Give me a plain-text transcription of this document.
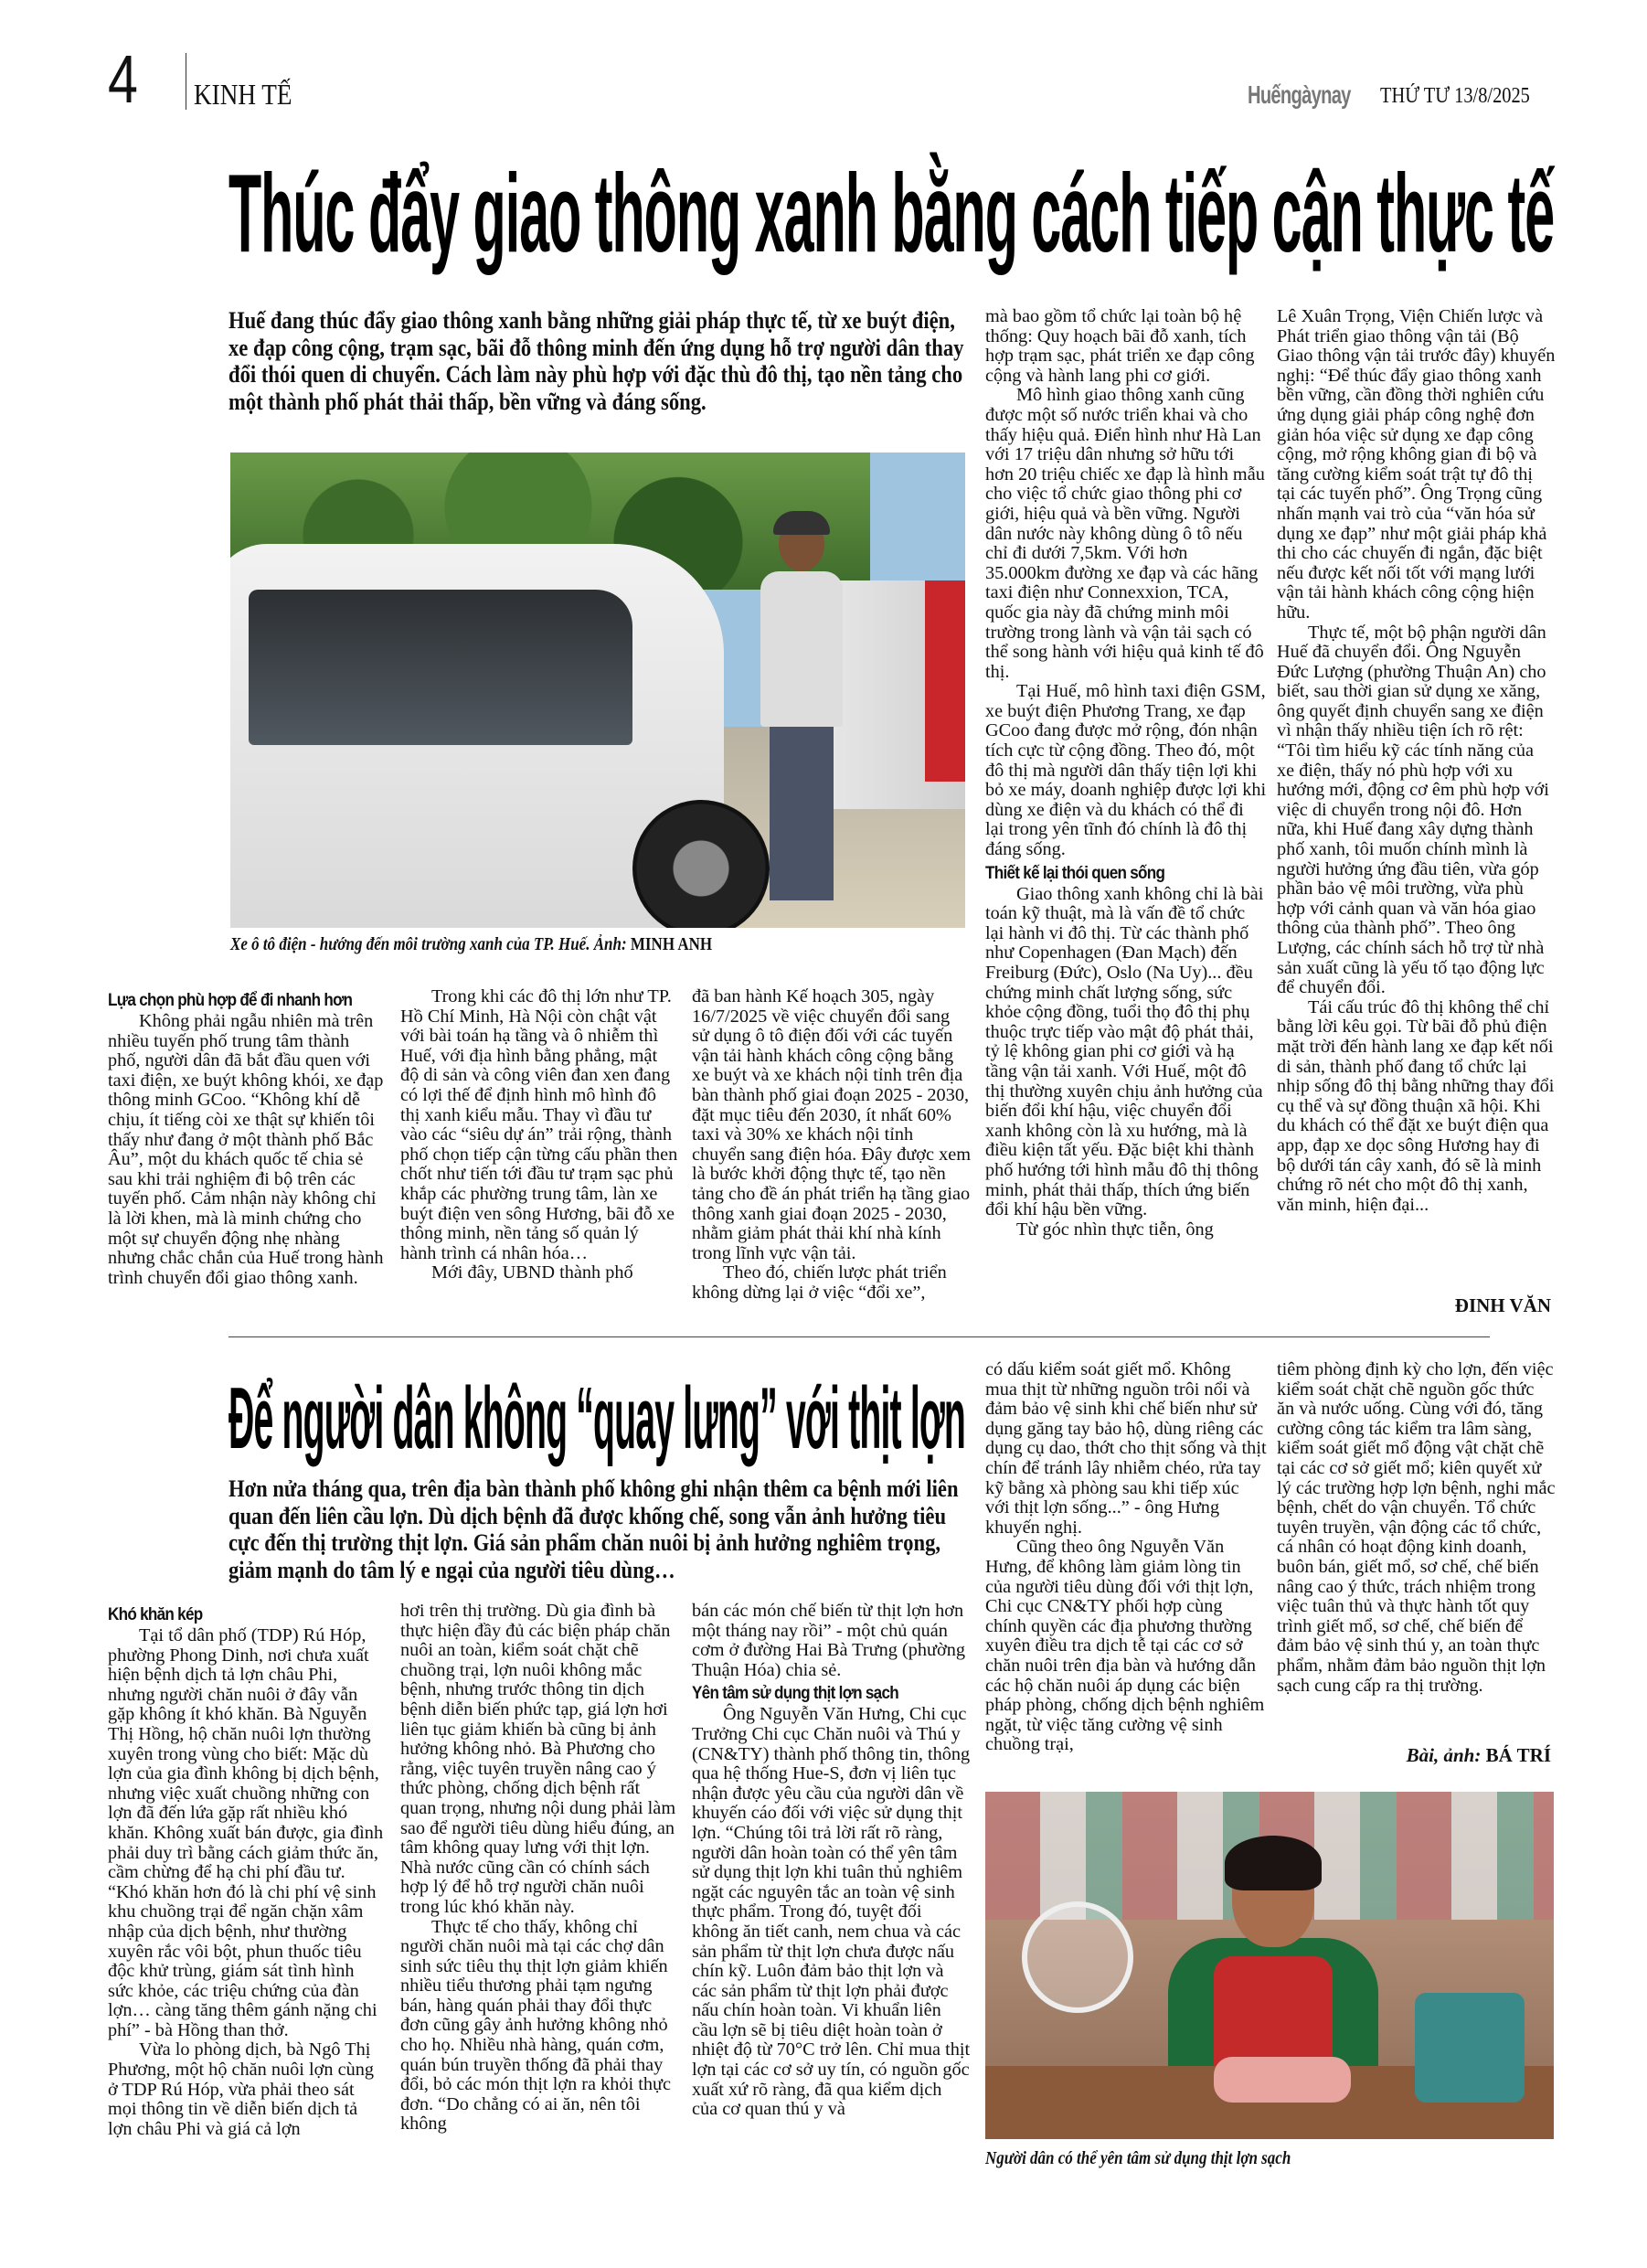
4 KINH TẾ	Huếngàynay THỨ TƯ 13/8/2025
Thúc đẩy giao thông xanh bằng cách tiếp cận thực tế
Huế đang thúc đẩy giao thông xanh bằng những giải pháp thực tế, từ xe buýt điện, xe đạp công cộng, trạm sạc, bãi đỗ thông minh đến ứng dụng hỗ trợ người dân thay đổi thói quen di chuyển. Cách làm này phù hợp với đặc thù đô thị, tạo nền tảng cho một thành phố phát thải thấp, bền vững và đáng sống.
Xe ô tô điện - hướng đến môi trường xanh của TP. Huế. Ảnh: MINH ANH
Lựa chọn phù hợp để đi nhanh hơn

Không phải ngẫu nhiên mà trên nhiều tuyến phố trung tâm thành phố, người dân đã bắt đầu quen với taxi điện, xe buýt không khói, xe đạp thông minh GCoo. “Không khí dễ chịu, ít tiếng còi xe thật sự khiến tôi thấy như đang ở một thành phố Bắc Âu”, một du khách quốc tế chia sẻ sau khi trải nghiệm đi bộ trên các tuyến phố. Cảm nhận này không chỉ là lời khen, mà là minh chứng cho một sự chuyển động nhẹ nhàng nhưng chắc chắn của Huế trong hành trình chuyển đổi giao thông xanh.

Trong khi các đô thị lớn như TP. Hồ Chí Minh, Hà Nội còn chật vật với bài toán hạ tầng và ô nhiễm thì Huế, với địa hình bằng phẳng, mật độ di sản và công viên đan xen đang có lợi thế để định hình mô hình đô thị xanh kiểu mẫu. Thay vì đầu tư vào các “siêu dự án” trải rộng, thành phố chọn tiếp cận từng cấu phần then chốt như tiến tới đầu tư trạm sạc phủ khắp các phường trung tâm, làn xe buýt điện ven sông Hương, bãi đỗ xe thông minh, nền tảng số quản lý hành trình cá nhân hóa…

Mới đây, UBND thành phố

đã ban hành Kế hoạch 305, ngày 16/7/2025 về việc chuyển đổi sang sử dụng ô tô điện đối với các tuyến vận tải hành khách công cộng bằng xe buýt và xe khách nội tỉnh trên địa bàn thành phố giai đoạn 2025 - 2030, đặt mục tiêu đến 2030, ít nhất 60% taxi và 30% xe khách nội tỉnh chuyển sang điện hóa. Đây được xem là bước khởi động thực tế, tạo nền tảng cho đề án phát triển hạ tầng giao thông xanh giai đoạn 2025 - 2030, nhằm giảm phát thải khí nhà kính trong lĩnh vực vận tải.

Theo đó, chiến lược phát triển không dừng lại ở việc “đổi xe”,

mà bao gồm tổ chức lại toàn bộ hệ thống: Quy hoạch bãi đỗ xanh, tích hợp trạm sạc, phát triển xe đạp công cộng và hành lang phi cơ giới.

Mô hình giao thông xanh cũng được một số nước triển khai và cho thấy hiệu quả. Điển hình như Hà Lan với 17 triệu dân nhưng sở hữu tới hơn 20 triệu chiếc xe đạp là hình mẫu cho việc tổ chức giao thông phi cơ giới, hiệu quả và bền vững. Người dân nước này không dùng ô tô nếu chỉ đi dưới 7,5km. Với hơn 35.000km đường xe đạp và các hãng taxi điện như Connexxion, TCA, quốc gia này đã chứng minh môi trường trong lành và vận tải sạch có thể song hành với hiệu quả kinh tế đô thị.

Tại Huế, mô hình taxi điện GSM, xe buýt điện Phương Trang, xe đạp GCoo đang được mở rộng, đón nhận tích cực từ cộng đồng. Theo đó, một đô thị mà người dân thấy tiện lợi khi bỏ xe máy, doanh nghiệp được lợi khi dùng xe điện và du khách có thể đi lại trong yên tĩnh đó chính là đô thị đáng sống.

Thiết kế lại thói quen sống

Giao thông xanh không chỉ là bài toán kỹ thuật, mà là vấn đề tổ chức lại hành vi đô thị. Từ các thành phố như Copenhagen (Đan Mạch) đến Freiburg (Đức), Oslo (Na Uy)... đều chứng minh chất lượng sống, sức khỏe cộng đồng, tuổi thọ đô thị phụ thuộc trực tiếp vào mật độ phát thải, tỷ lệ không gian phi cơ giới và hạ tầng vận tải xanh. Với Huế, một đô thị thường xuyên chịu ảnh hưởng của biến đổi khí hậu, việc chuyển đổi xanh không còn là xu hướng, mà là điều kiện tất yếu. Đặc biệt khi thành phố hướng tới hình mẫu đô thị thông minh, phát thải thấp, thích ứng biến đổi khí hậu bền vững.

Từ góc nhìn thực tiễn, ông

Lê Xuân Trọng, Viện Chiến lược và Phát triển giao thông vận tải (Bộ Giao thông vận tải trước đây) khuyến nghị: “Để thúc đẩy giao thông xanh bền vững, cần đồng thời nghiên cứu ứng dụng giải pháp công nghệ đơn giản hóa việc sử dụng xe đạp công cộng, mở rộng không gian đi bộ và tăng cường kiểm soát trật tự đô thị tại các tuyến phố”. Ông Trọng cũng nhấn mạnh vai trò của “văn hóa sử dụng xe đạp” như một giải pháp khả thi cho các chuyến đi ngắn, đặc biệt nếu được kết nối tốt với mạng lưới vận tải hành khách công cộng hiện hữu.

Thực tế, một bộ phận người dân Huế đã chuyển đổi. Ông Nguyễn Đức Lượng (phường Thuận An) cho biết, sau thời gian sử dụng xe xăng, ông quyết định chuyển sang xe điện vì nhận thấy nhiều tiện ích rõ rệt: “Tôi tìm hiểu kỹ các tính năng của xe điện, thấy nó phù hợp với xu hướng mới, động cơ êm phù hợp với việc di chuyển trong nội đô. Hơn nữa, khi Huế đang xây dựng thành phố xanh, tôi muốn chính mình là người hưởng ứng đầu tiên, vừa góp phần bảo vệ môi trường, vừa phù hợp với cảnh quan và văn hóa giao thông của thành phố”. Theo ông Lượng, các chính sách hỗ trợ từ nhà sản xuất cũng là yếu tố tạo động lực để chuyển đổi.

Tái cấu trúc đô thị không thể chỉ bằng lời kêu gọi. Từ bãi đỗ phủ điện mặt trời đến hành lang xe đạp kết nối di sản, thành phố đang tổ chức lại nhịp sống đô thị bằng những thay đổi cụ thể và sự đồng thuận xã hội. Khi du khách có thể đặt xe buýt điện qua app, đạp xe dọc sông Hương hay đi bộ dưới tán cây xanh, đó sẽ là minh chứng rõ nét cho một đô thị xanh, văn minh, hiện đại...

ĐINH VĂN
Để người dân không “quay lưng” với thịt lợn
Hơn nửa tháng qua, trên địa bàn thành phố không ghi nhận thêm ca bệnh mới liên quan đến liên cầu lợn. Dù dịch bệnh đã được khống chế, song vẫn ảnh hưởng tiêu cực đến thị trường thịt lợn. Giá sản phẩm chăn nuôi bị ảnh hưởng nghiêm trọng, giảm mạnh do tâm lý e ngại của người tiêu dùng…
Khó khăn kép

Tại tổ dân phố (TDP) Rú Hóp, phường Phong Dinh, nơi chưa xuất hiện bệnh dịch tả lợn châu Phi, nhưng người chăn nuôi ở đây vẫn gặp không ít khó khăn. Bà Nguyễn Thị Hồng, hộ chăn nuôi lợn thường xuyên trong vùng cho biết: Mặc dù lợn của gia đình không bị dịch bệnh, nhưng việc xuất chuồng những con lợn đã đến lứa gặp rất nhiều khó khăn. Không xuất bán được, gia đình phải duy trì bằng cách giảm thức ăn, cầm chừng để hạ chi phí đầu tư. “Khó khăn hơn đó là chi phí vệ sinh khu chuồng trại để ngăn chặn xâm nhập của dịch bệnh, như thường xuyên rắc vôi bột, phun thuốc tiêu độc khử trùng, giám sát tình hình sức khỏe, các triệu chứng của đàn lợn… càng tăng thêm gánh nặng chi phí” - bà Hồng than thở.

Vừa lo phòng dịch, bà Ngô Thị Phương, một hộ chăn nuôi lợn cùng ở TDP Rú Hóp, vừa phải theo sát mọi thông tin về diễn biến dịch tả lợn châu Phi và giá cả lợn

hơi trên thị trường. Dù gia đình bà thực hiện đầy đủ các biện pháp chăn nuôi an toàn, kiểm soát chặt chẽ chuồng trại, lợn nuôi không mắc bệnh, nhưng trước thông tin dịch bệnh diễn biến phức tạp, giá lợn hơi liên tục giảm khiến bà cũng bị ảnh hưởng không nhỏ. Bà Phương cho rằng, việc tuyên truyền nâng cao ý thức phòng, chống dịch bệnh rất quan trọng, nhưng nội dung phải làm sao để người tiêu dùng hiểu đúng, an tâm không quay lưng với thịt lợn. Nhà nước cũng cần có chính sách hợp lý để hỗ trợ người chăn nuôi trong lúc khó khăn này.

Thực tế cho thấy, không chỉ người chăn nuôi mà tại các chợ dân sinh sức tiêu thụ thịt lợn giảm khiến nhiều tiểu thương phải tạm ngưng bán, hàng quán phải thay đổi thực đơn cũng gây ảnh hưởng không nhỏ cho họ. Nhiều nhà hàng, quán cơm, quán bún truyền thống đã phải thay đổi, bỏ các món thịt lợn ra khỏi thực đơn. “Do chẳng có ai ăn, nên tôi không

bán các món chế biến từ thịt lợn hơn một tháng nay rồi” - một chủ quán cơm ở đường Hai Bà Trưng (phường Thuận Hóa) chia sẻ.

Yên tâm sử dụng thịt lợn sạch

Ông Nguyễn Văn Hưng, Chi cục Trưởng Chi cục Chăn nuôi và Thú y (CN&TY) thành phố thông tin, thông qua hệ thống Hue-S, đơn vị liên tục nhận được yêu cầu của người dân về khuyến cáo đối với việc sử dụng thịt lợn. “Chúng tôi trả lời rất rõ ràng, người dân hoàn toàn có thể yên tâm sử dụng thịt lợn khi tuân thủ nghiêm ngặt các nguyên tắc an toàn vệ sinh thực phẩm. Trong đó, tuyệt đối không ăn tiết canh, nem chua và các sản phẩm từ thịt lợn chưa được nấu chín kỹ. Luôn đảm bảo thịt lợn và các sản phẩm từ thịt lợn phải được nấu chín hoàn toàn. Vi khuẩn liên cầu lợn sẽ bị tiêu diệt hoàn toàn ở nhiệt độ từ 70°C trở lên. Chỉ mua thịt lợn tại các cơ sở uy tín, có nguồn gốc xuất xứ rõ ràng, đã qua kiểm dịch của cơ quan thú y và

có dấu kiểm soát giết mổ. Không mua thịt từ những nguồn trôi nổi và đảm bảo vệ sinh khi chế biến như sử dụng găng tay bảo hộ, dùng riêng các dụng cụ dao, thớt cho thịt sống và thịt chín để tránh lây nhiễm chéo, rửa tay kỹ bằng xà phòng sau khi tiếp xúc với thịt lợn sống...” - ông Hưng khuyến nghị.

Cũng theo ông Nguyễn Văn Hưng, để không làm giảm lòng tin của người tiêu dùng đối với thịt lợn, Chi cục CN&TY phối hợp cùng chính quyền các địa phương thường xuyên điều tra dịch tễ tại các cơ sở chăn nuôi trên địa bàn và hướng dẫn các hộ chăn nuôi áp dụng các biện pháp phòng, chống dịch bệnh nghiêm ngặt, từ việc tăng cường vệ sinh chuồng trại,

tiêm phòng định kỳ cho lợn, đến việc kiểm soát chặt chẽ nguồn gốc thức ăn và nước uống. Cùng với đó, tăng cường công tác kiểm tra lâm sàng, kiểm soát giết mổ động vật chặt chẽ tại các cơ sở giết mổ; kiên quyết xử lý các trường hợp lợn bệnh, nghi mắc bệnh, chết do vận chuyển. Tổ chức tuyên truyền, vận động các tổ chức, cá nhân có hoạt động kinh doanh, buôn bán, giết mổ, sơ chế, chế biến nâng cao ý thức, trách nhiệm trong việc tuân thủ và thực hành tốt quy trình giết mổ, sơ chế, chế biến để đảm bảo vệ sinh thú y, an toàn thực phẩm, nhằm đảm bảo nguồn thịt lợn sạch cung cấp ra thị trường.

Bài, ảnh: BÁ TRÍ
Người dân có thể yên tâm sử dụng thịt lợn sạch
